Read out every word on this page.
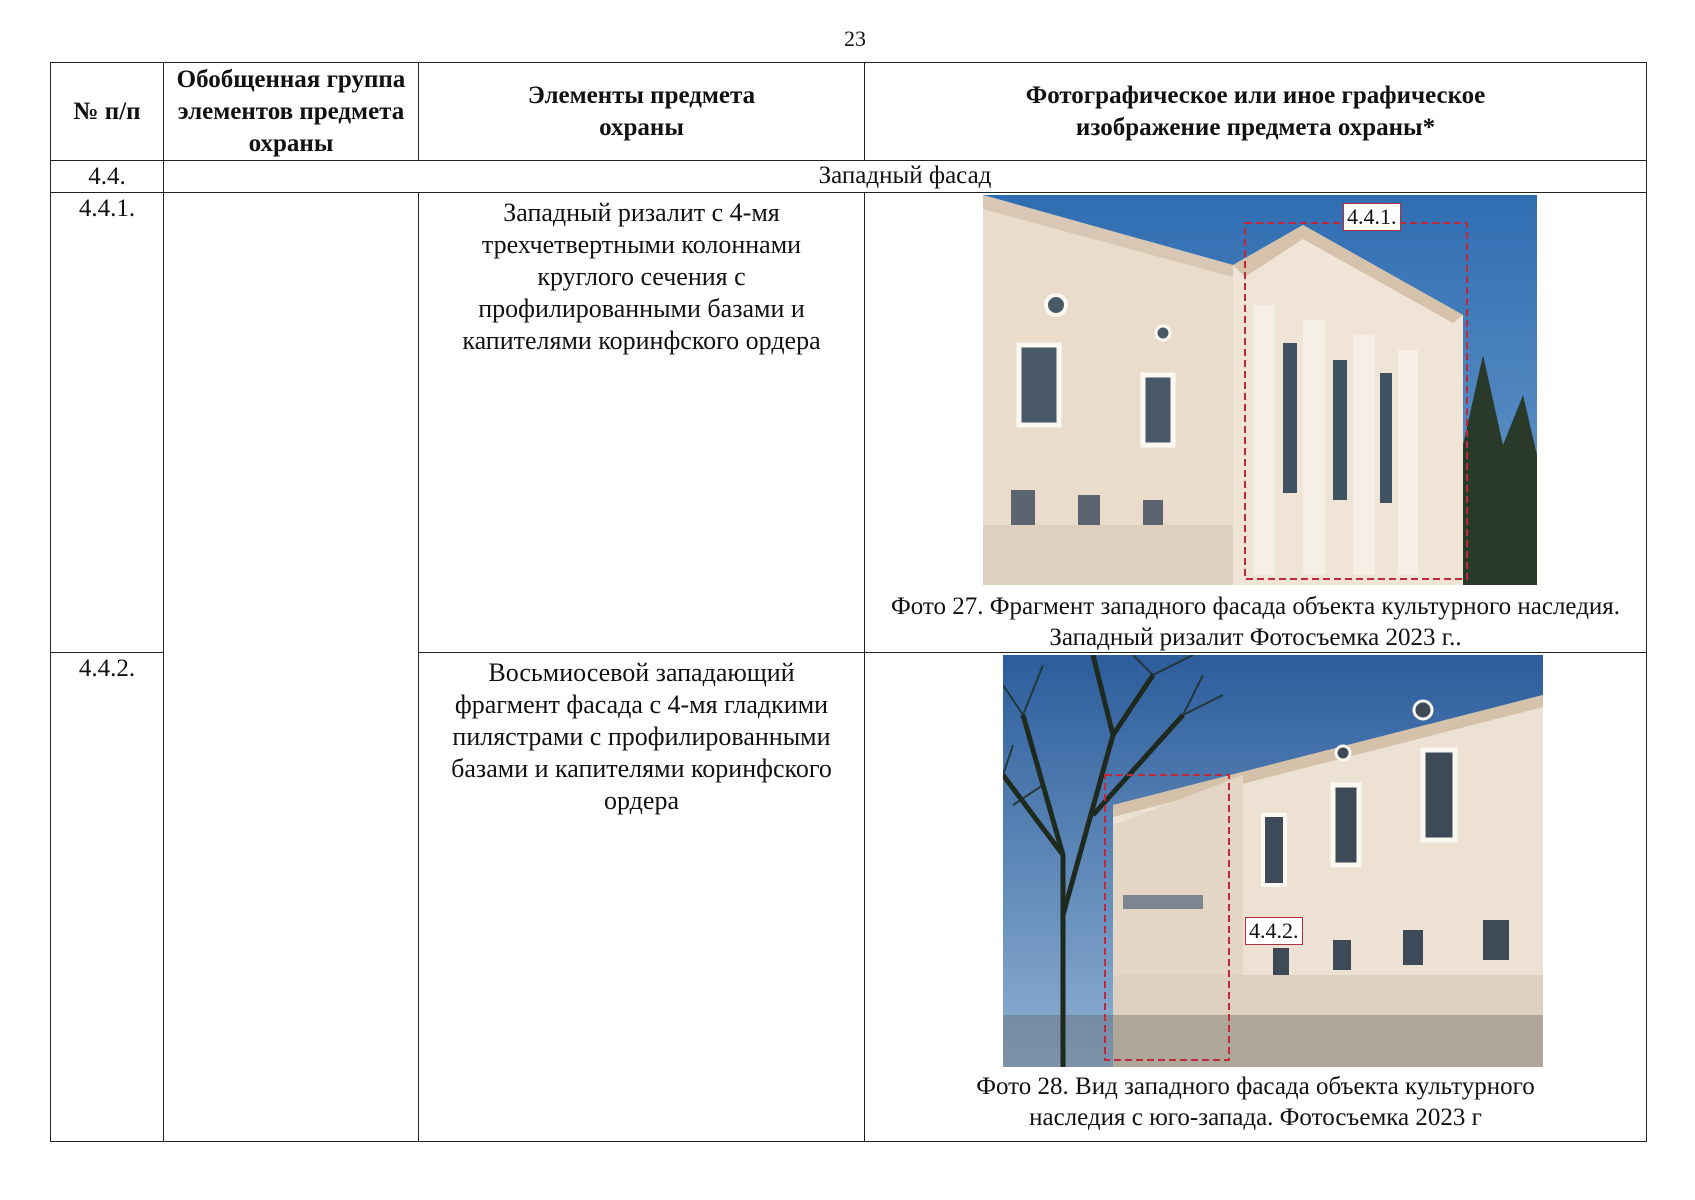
23
№ п/п	Обобщенная группа элементов предмета охраны	Элементы предмета охраны	Фотографическое или иное графическое изображение предмета охраны*
4.4.	Западный фасад		
4.4.1.		Западный ризалит с 4-мя трехчетвертными колоннами круглого сечения с профилированными базами и капителями коринфского ордера	4.4.1.
Фото 27. Фрагмент западного фасада объекта культурного наследия. Западный ризалит Фотосъемка 2023 г..

4.4.2.		Восьмиосевой западающий фрагмент фасада с 4-мя гладкими пилястрами с профилированными базами и капителями коринфского ордера	4.4.2.
Фото 28. Вид западного фасада объекта культурного наследия с юго-запада. Фотосъемка 2023 г
